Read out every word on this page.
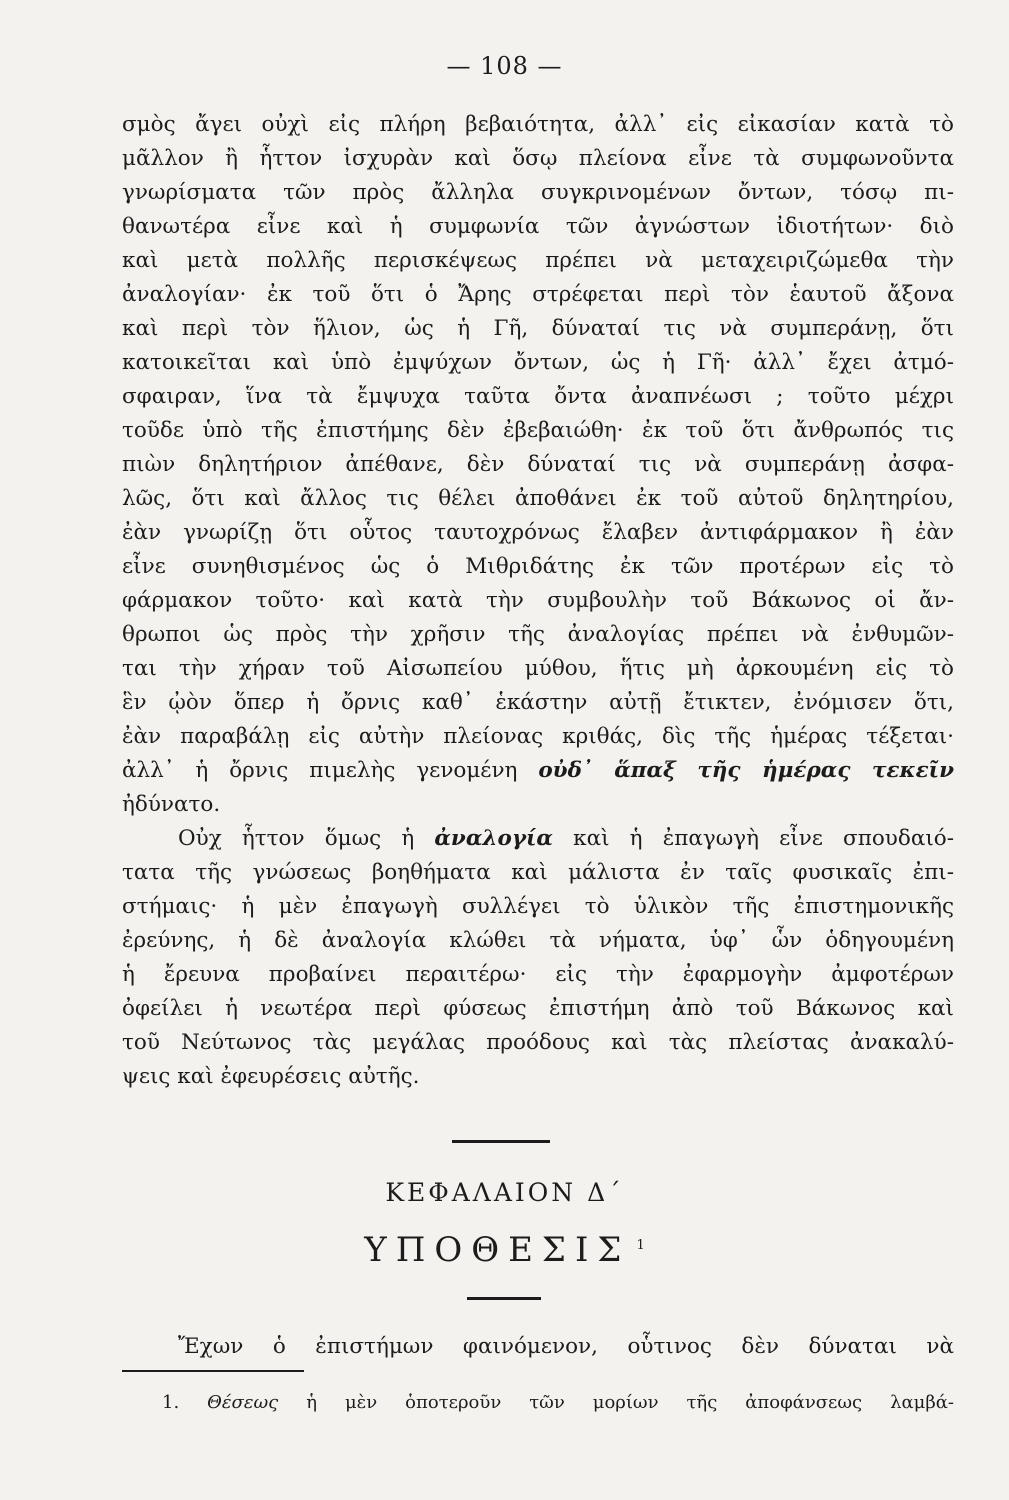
— 108 —
σμὸς ἄγει οὐχὶ εἰς πλήρη βεβαιότητα, ἀλλ᾽ εἰς εἰκασίαν κατὰ τὸ
μᾶλλον ἢ ἧττον ἰσχυρὰν καὶ ὅσῳ πλείονα εἶνε τὰ συμφωνοῦντα
γνωρίσματα τῶν πρὸς ἄλληλα συγκρινομένων ὄντων, τόσῳ πι-
θανωτέρα εἶνε καὶ ἡ συμφωνία τῶν ἀγνώστων ἰδιοτήτων· διὸ
καὶ μετὰ πολλῆς περισκέψεως πρέπει νὰ μεταχειριζώμεθα τὴν
ἀναλογίαν· ἐκ τοῦ ὅτι ὁ Ἄρης στρέφεται περὶ τὸν ἑαυτοῦ ἄξονα
καὶ περὶ τὸν ἥλιον, ὡς ἡ Γῆ, δύναταί τις νὰ συμπεράνῃ, ὅτι
κατοικεῖται καὶ ὑπὸ ἐμψύχων ὄντων, ὡς ἡ Γῆ· ἀλλ᾽ ἔχει ἀτμό-
σφαιραν, ἵνα τὰ ἔμψυχα ταῦτα ὄντα ἀναπνέωσι ; τοῦτο μέχρι
τοῦδε ὑπὸ τῆς ἐπιστήμης δὲν ἐβεβαιώθη· ἐκ τοῦ ὅτι ἄνθρωπός τις
πιὼν δηλητήριον ἀπέθανε, δὲν δύναταί τις νὰ συμπεράνῃ ἀσφα-
λῶς, ὅτι καὶ ἄλλος τις θέλει ἀποθάνει ἐκ τοῦ αὐτοῦ δηλητηρίου,
ἐὰν γνωρίζῃ ὅτι οὗτος ταυτοχρόνως ἔλαβεν ἀντιφάρμακον ἢ ἐὰν
εἶνε συνηθισμένος ὡς ὁ Μιθριδάτης ἐκ τῶν προτέρων εἰς τὸ
φάρμακον τοῦτο· καὶ κατὰ τὴν συμβουλὴν τοῦ Βάκωνος οἱ ἄν-
θρωποι ὡς πρὸς τὴν χρῆσιν τῆς ἀναλογίας πρέπει νὰ ἐνθυμῶν-
ται τὴν χήραν τοῦ Αἰσωπείου μύθου, ἥτις μὴ ἀρκουμένη εἰς τὸ
ἓν ᾠὸν ὅπερ ἡ ὄρνις καθ᾽ ἑκάστην αὐτῇ ἔτικτεν, ἐνόμισεν ὅτι,
ἐὰν παραβάλῃ εἰς αὐτὴν πλείονας κριθάς, δὶς τῆς ἡμέρας τέξεται·
ἀλλ᾽ ἡ ὄρνις πιμελὴς γενομένη οὐδ᾽ ἅπαξ τῆς ἡμέρας τεκεῖν
ἠδύνατο.
Οὐχ ἧττον ὅμως ἡ ἀναλογία καὶ ἡ ἐπαγωγὴ εἶνε σπουδαιό-
τατα τῆς γνώσεως βοηθήματα καὶ μάλιστα ἐν ταῖς φυσικαῖς ἐπι-
στήμαις· ἡ μὲν ἐπαγωγὴ συλλέγει τὸ ὑλικὸν τῆς ἐπιστημονικῆς
ἐρεύνης, ἡ δὲ ἀναλογία κλώθει τὰ νήματα, ὑφ᾽ ὧν ὁδηγουμένη
ἡ ἔρευνα προβαίνει περαιτέρω· εἰς τὴν ἐφαρμογὴν ἀμφοτέρων
ὀφείλει ἡ νεωτέρα περὶ φύσεως ἐπιστήμη ἀπὸ τοῦ Βάκωνος καὶ
τοῦ Νεύτωνος τὰς μεγάλας προόδους καὶ τὰς πλείστας ἀνακαλύ-
ψεις καὶ ἐφευρέσεις αὐτῆς.
ΚΕΦΑΛΑΙΟΝ Δ΄
ΥΠΟΘΕΣΙΣ $^1$
Ἔχων ὁ ἐπιστήμων φαινόμενον, οὗτινος δὲν δύναται νὰ
1. Θέσεως ἡ μὲν ὁποτεροῦν τῶν μορίων τῆς ἀποφάνσεως λαμβά-
